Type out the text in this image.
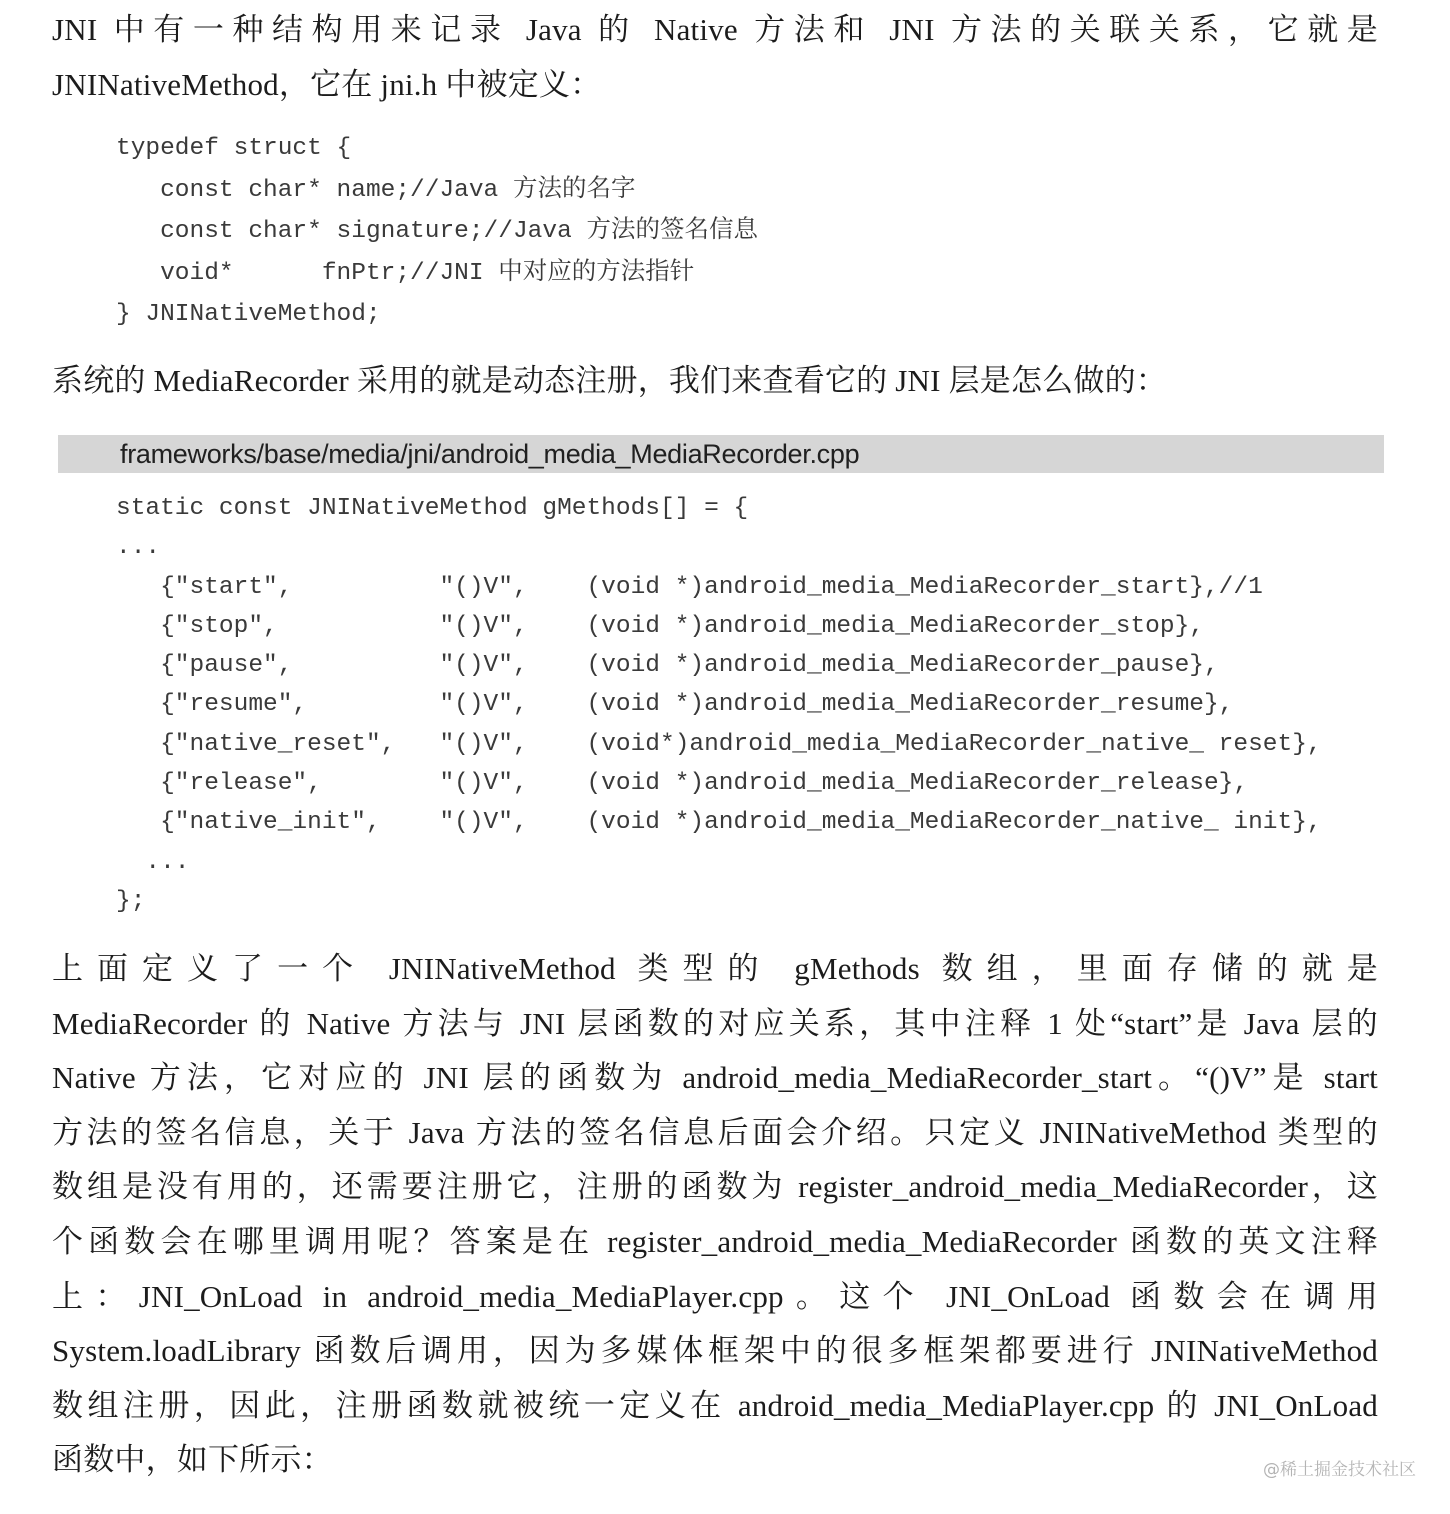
JNI 中有一种结构用来记录 Java 的 Native 方法和 JNI 方法的关联关系，它就是
JNINativeMethod，它在 jni.h 中被定义：

typedef struct {
const char* name;//Java 方法的名字
const char* signature;//Java 方法的签名信息
void*      fnPtr;//JNI 中对应的方法指针
} JNINativeMethod;

系统的 MediaRecorder 采用的就是动态注册，我们来查看它的 JNI 层是怎么做的：

frameworks/base/media/jni/android_media_MediaRecorder.cpp
static const JNINativeMethod gMethods[] = {
...
{"start",          "()V",    (void *)android_media_MediaRecorder_start},//1
{"stop",           "()V",    (void *)android_media_MediaRecorder_stop},
{"pause",          "()V",    (void *)android_media_MediaRecorder_pause},
{"resume",         "()V",    (void *)android_media_MediaRecorder_resume},
{"native_reset",   "()V",    (void*)android_media_MediaRecorder_native_ reset},
{"release",        "()V",    (void *)android_media_MediaRecorder_release},
{"native_init",    "()V",    (void *)android_media_MediaRecorder_native_ init},
...
};

上面定义了一个 JNINativeMethod 类型的 gMethods 数组，里面存储的就是
MediaRecorder 的 Native 方法与 JNI 层函数的对应关系，其中注释 1 处“start”是 Java 层的
Native 方法，它对应的 JNI 层的函数为 android_media_MediaRecorder_start。“()V”是 start
方法的签名信息，关于 Java 方法的签名信息后面会介绍。只定义 JNINativeMethod 类型的
数组是没有用的，还需要注册它，注册的函数为 register_android_media_MediaRecorder，这
个函数会在哪里调用呢？答案是在 register_android_media_MediaRecorder 函数的英文注释
上：JNI_OnLoad in android_media_MediaPlayer.cpp。这个 JNI_OnLoad 函数会在调用
System.loadLibrary 函数后调用，因为多媒体框架中的很多框架都要进行 JNINativeMethod
数组注册，因此，注册函数就被统一定义在 android_media_MediaPlayer.cpp 的 JNI_OnLoad
函数中，如下所示：	@稀土掘金技术社区
